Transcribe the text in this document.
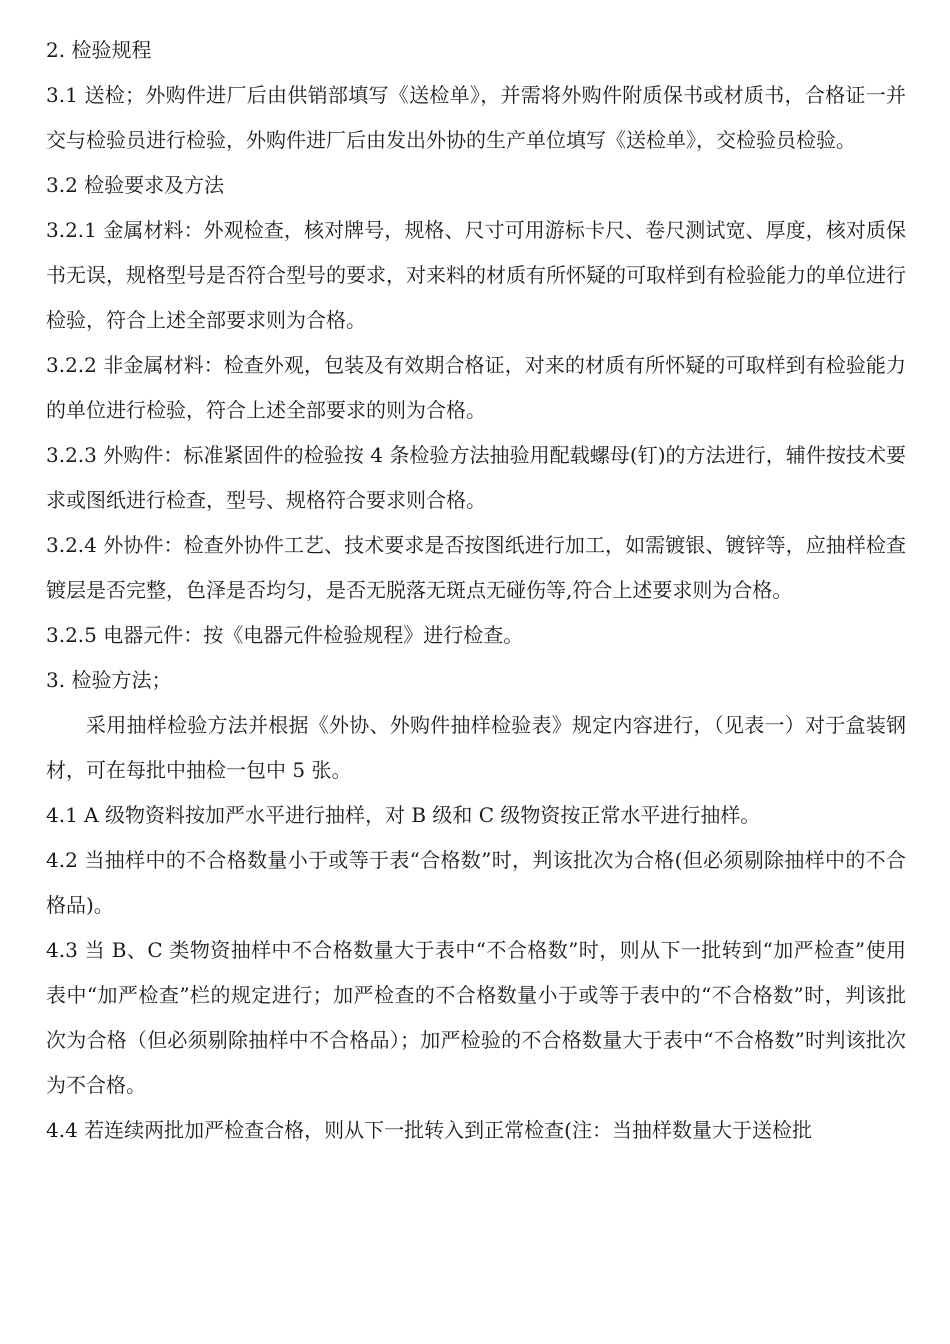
2. 检验规程

3.1 送检；外购件进厂后由供销部填写《送检单》，并需将外购件附质保书或材质书，合格证一并交与检验员进行检验，外购件进厂后由发出外协的生产单位填写《送检单》，交检验员检验。

3.2 检验要求及方法

3.2.1 金属材料：外观检查，核对牌号，规格、尺寸可用游标卡尺、卷尺测试宽、厚度，核对质保书无误，规格型号是否符合型号的要求，对来料的材质有所怀疑的可取样到有检验能力的单位进行检验，符合上述全部要求则为合格。

3.2.2 非金属材料：检查外观，包装及有效期合格证，对来的材质有所怀疑的可取样到有检验能力的单位进行检验，符合上述全部要求的则为合格。

3.2.3 外购件：标准紧固件的检验按 4 条检验方法抽验用配载螺母(钉)的方法进行，辅件按技术要求或图纸进行检查，型号、规格符合要求则合格。

3.2.4 外协件：检查外协件工艺、技术要求是否按图纸进行加工，如需镀银、镀锌等，应抽样检查镀层是否完整，色泽是否均匀，是否无脱落无斑点无碰伤等,符合上述要求则为合格。

3.2.5 电器元件：按《电器元件检验规程》进行检查。

3. 检验方法；

采用抽样检验方法并根据《外协、外购件抽样检验表》规定内容进行，（见表一）对于盒装钢材，可在每批中抽检一包中 5 张。

4.1 A 级物资料按加严水平进行抽样，对 B 级和 C 级物资按正常水平进行抽样。

4.2 当抽样中的不合格数量小于或等于表“合格数”时，判该批次为合格(但必须剔除抽样中的不合格品)。

4.3 当 B、C 类物资抽样中不合格数量大于表中“不合格数”时，则从下一批转到“加严检查”使用表中“加严检查”栏的规定进行；加严检查的不合格数量小于或等于表中的“不合格数”时，判该批次为合格（但必须剔除抽样中不合格品）；加严检验的不合格数量大于表中“不合格数”时判该批次为不合格。

4.4 若连续两批加严检查合格，则从下一批转入到正常检查(注：当抽样数量大于送检批
